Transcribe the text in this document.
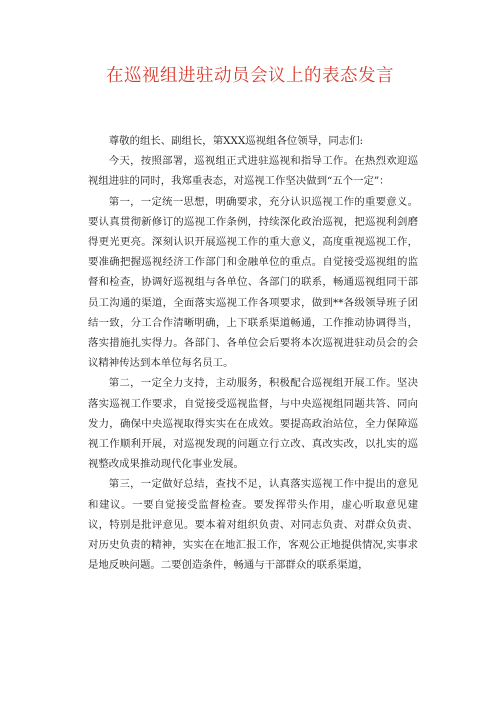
在巡视组进驻动员会议上的表态发言

尊敬的组长、副组长，第XXX巡视组各位领导，同志们:

今天，按照部署，巡视组正式进驻巡视和指导工作。在热烈欢迎巡视组进驻的同时，我郑重表态，对巡视工作坚决做到“五个一定”：

第一，一定统一思想，明确要求，充分认识巡视工作的重要意义。要认真贯彻新修订的巡视工作条例，持续深化政治巡视，把巡视利剑磨得更光更亮。深刻认识开展巡视工作的重大意义，高度重视巡视工作，要准确把握巡视经济工作部门和金融单位的重点。自觉接受巡视组的监督和检查，协调好巡视组与各单位、各部门的联系，畅通巡视组同干部员工沟通的渠道，全面落实巡视工作各项要求，做到**各级领导班子团结一致，分工合作清晰明确，上下联系渠道畅通，工作推动协调得当，落实措施扎实得力。各部门、各单位会后要将本次巡视进驻动员会的会议精神传达到本单位每名员工。

第二，一定全力支持，主动服务，积极配合巡视组开展工作。坚决落实巡视工作要求，自觉接受巡视监督，与中央巡视组同题共答、同向发力，确保中央巡视取得实实在在成效。要提高政治站位，全力保障巡视工作顺利开展，对巡视发现的问题立行立改、真改实改，以扎实的巡视整改成果推动现代化事业发展。

第三，一定做好总结，查找不足，认真落实巡视工作中提出的意见和建议。一要自觉接受监督检查。要发挥带头作用，虚心听取意见建议，特别是批评意见。要本着对组织负责、对同志负责、对群众负责、对历史负责的精神，实实在在地汇报工作，客观公正地提供情况,实事求是地反映问题。二要创造条件，畅通与干部群众的联系渠道，
